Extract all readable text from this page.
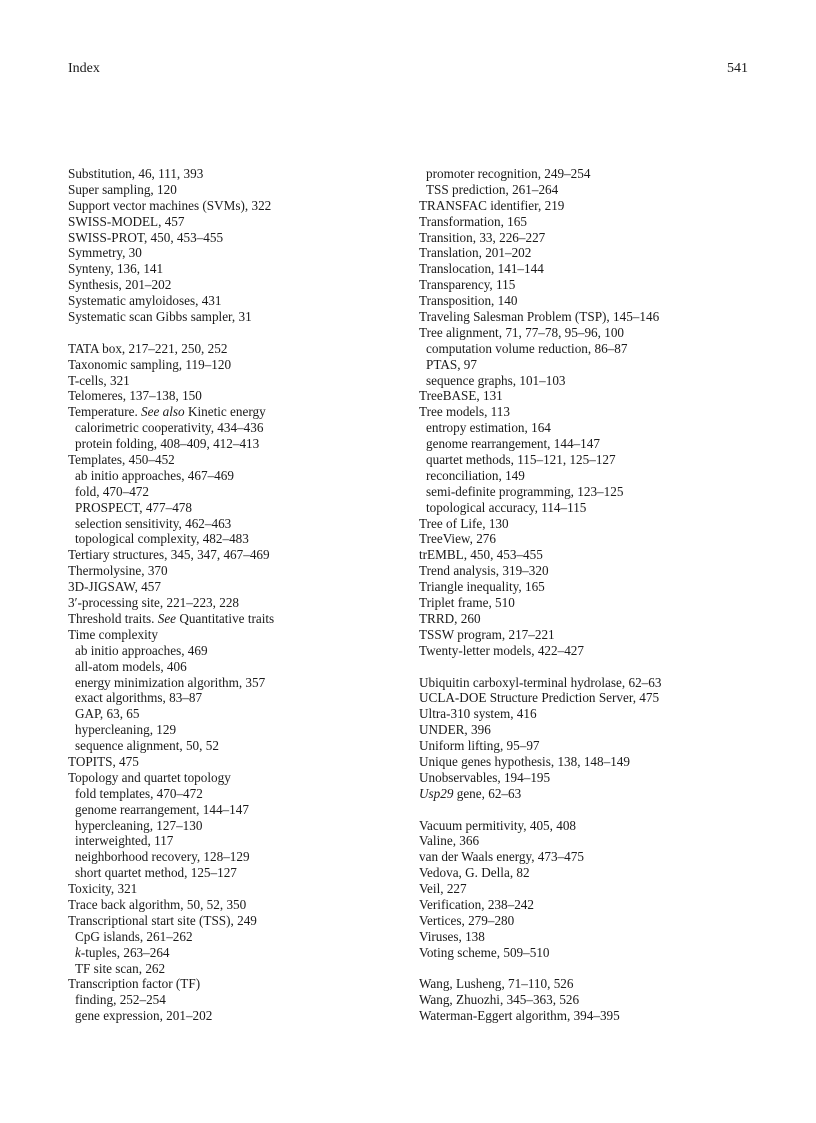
Index	541
Substitution, 46, 111, 393
Super sampling, 120
Support vector machines (SVMs), 322
SWISS-MODEL, 457
SWISS-PROT, 450, 453–455
Symmetry, 30
Synteny, 136, 141
Synthesis, 201–202
Systematic amyloidoses, 431
Systematic scan Gibbs sampler, 31
TATA box, 217–221, 250, 252
Taxonomic sampling, 119–120
T-cells, 321
Telomeres, 137–138, 150
Temperature. See also Kinetic energy
calorimetric cooperativity, 434–436
protein folding, 408–409, 412–413
Templates, 450–452
ab initio approaches, 467–469
fold, 470–472
PROSPECT, 477–478
selection sensitivity, 462–463
topological complexity, 482–483
Tertiary structures, 345, 347, 467–469
Thermolysine, 370
3D-JIGSAW, 457
3′-processing site, 221–223, 228
Threshold traits. See Quantitative traits
Time complexity
ab initio approaches, 469
all-atom models, 406
energy minimization algorithm, 357
exact algorithms, 83–87
GAP, 63, 65
hypercleaning, 129
sequence alignment, 50, 52
TOPITS, 475
Topology and quartet topology
fold templates, 470–472
genome rearrangement, 144–147
hypercleaning, 127–130
interweighted, 117
neighborhood recovery, 128–129
short quartet method, 125–127
Toxicity, 321
Trace back algorithm, 50, 52, 350
Transcriptional start site (TSS), 249
CpG islands, 261–262
k-tuples, 263–264
TF site scan, 262
Transcription factor (TF)
finding, 252–254
gene expression, 201–202
promoter recognition, 249–254
TSS prediction, 261–264
TRANSFAC identifier, 219
Transformation, 165
Transition, 33, 226–227
Translation, 201–202
Translocation, 141–144
Transparency, 115
Transposition, 140
Traveling Salesman Problem (TSP), 145–146
Tree alignment, 71, 77–78, 95–96, 100
computation volume reduction, 86–87
PTAS, 97
sequence graphs, 101–103
TreeBASE, 131
Tree models, 113
entropy estimation, 164
genome rearrangement, 144–147
quartet methods, 115–121, 125–127
reconciliation, 149
semi-definite programming, 123–125
topological accuracy, 114–115
Tree of Life, 130
TreeView, 276
trEMBL, 450, 453–455
Trend analysis, 319–320
Triangle inequality, 165
Triplet frame, 510
TRRD, 260
TSSW program, 217–221
Twenty-letter models, 422–427
Ubiquitin carboxyl-terminal hydrolase, 62–63
UCLA-DOE Structure Prediction Server, 475
Ultra-310 system, 416
UNDER, 396
Uniform lifting, 95–97
Unique genes hypothesis, 138, 148–149
Unobservables, 194–195
Usp29 gene, 62–63
Vacuum permitivity, 405, 408
Valine, 366
van der Waals energy, 473–475
Vedova, G. Della, 82
Veil, 227
Verification, 238–242
Vertices, 279–280
Viruses, 138
Voting scheme, 509–510
Wang, Lusheng, 71–110, 526
Wang, Zhuozhi, 345–363, 526
Waterman-Eggert algorithm, 394–395
